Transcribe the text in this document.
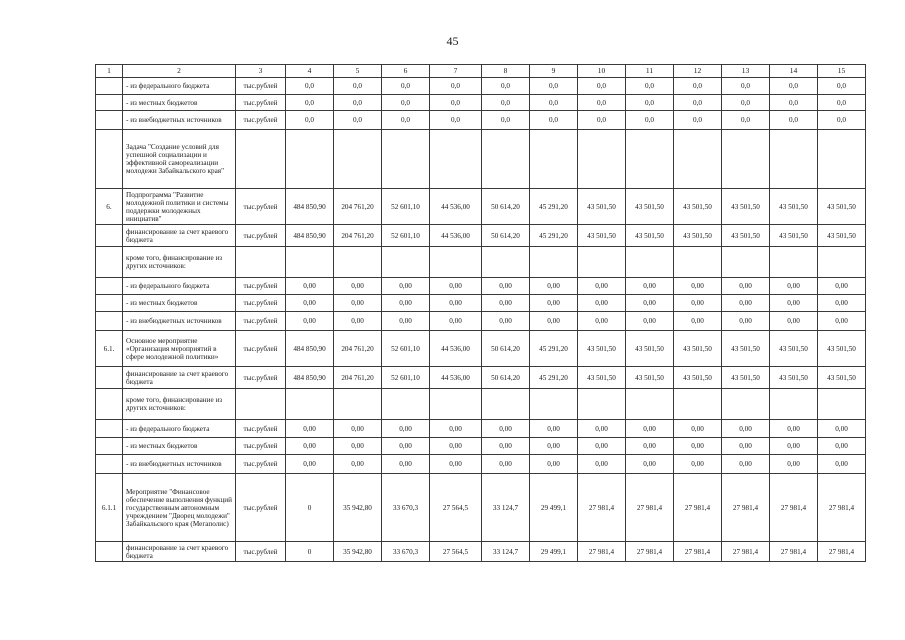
45
1	2	3	4	5	6	7	8	9	10	11	12	13	14	15
	- из федерального бюджета	тыс.рублей	0,0	0,0	0,0	0,0	0,0	0,0	0,0	0,0	0,0	0,0	0,0	0,0
	- из местных бюджетов	тыс.рублей	0,0	0,0	0,0	0,0	0,0	0,0	0,0	0,0	0,0	0,0	0,0	0,0
	- из внебюджетных источников	тыс.рублей	0,0	0,0	0,0	0,0	0,0	0,0	0,0	0,0	0,0	0,0	0,0	0,0
	Задача "Создание условий для успешной социализации и эффективной самореализации молодежи Забайкальского края"													
6.	Подпрограмма "Развитие молодежной политики и системы поддержки молодежных инициатив"	тыс.рублей	484 850,90	204 761,20	52 601,10	44 536,00	50 614,20	45 291,20	43 501,50	43 501,50	43 501,50	43 501,50	43 501,50	43 501,50
	финансирование за счет краевого бюджета	тыс.рублей	484 850,90	204 761,20	52 601,10	44 536,00	50 614,20	45 291,20	43 501,50	43 501,50	43 501,50	43 501,50	43 501,50	43 501,50
	кроме того, финансирование из других источников:													
	- из федерального бюджета	тыс.рублей	0,00	0,00	0,00	0,00	0,00	0,00	0,00	0,00	0,00	0,00	0,00	0,00
	- из местных бюджетов	тыс.рублей	0,00	0,00	0,00	0,00	0,00	0,00	0,00	0,00	0,00	0,00	0,00	0,00
	- из внебюджетных источников	тыс.рублей	0,00	0,00	0,00	0,00	0,00	0,00	0,00	0,00	0,00	0,00	0,00	0,00
6.1.	Основное мероприятие «Организация мероприятий в сфере молодежной политики»	тыс.рублей	484 850,90	204 761,20	52 601,10	44 536,00	50 614,20	45 291,20	43 501,50	43 501,50	43 501,50	43 501,50	43 501,50	43 501,50
	финансирование за счет краевого бюджета	тыс.рублей	484 850,90	204 761,20	52 601,10	44 536,00	50 614,20	45 291,20	43 501,50	43 501,50	43 501,50	43 501,50	43 501,50	43 501,50
	кроме того, финансирование из других источников:													
	- из федерального бюджета	тыс.рублей	0,00	0,00	0,00	0,00	0,00	0,00	0,00	0,00	0,00	0,00	0,00	0,00
	- из местных бюджетов	тыс.рублей	0,00	0,00	0,00	0,00	0,00	0,00	0,00	0,00	0,00	0,00	0,00	0,00
	- из внебюджетных источников	тыс.рублей	0,00	0,00	0,00	0,00	0,00	0,00	0,00	0,00	0,00	0,00	0,00	0,00
6.1.1	Мероприятие "Финансовое обеспечение выполнения функций государственным автономным учреждением "Дворец молодежи" Забайкальского края (Мегаполис)	тыс.рублей	0	35 942,80	33 670,3	27 564,5	33 124,7	29 499,1	27 981,4	27 981,4	27 981,4	27 981,4	27 981,4	27 981,4
	финансирование за счет краевого бюджета	тыс.рублей	0	35 942,80	33 670,3	27 564,5	33 124,7	29 499,1	27 981,4	27 981,4	27 981,4	27 981,4	27 981,4	27 981,4
